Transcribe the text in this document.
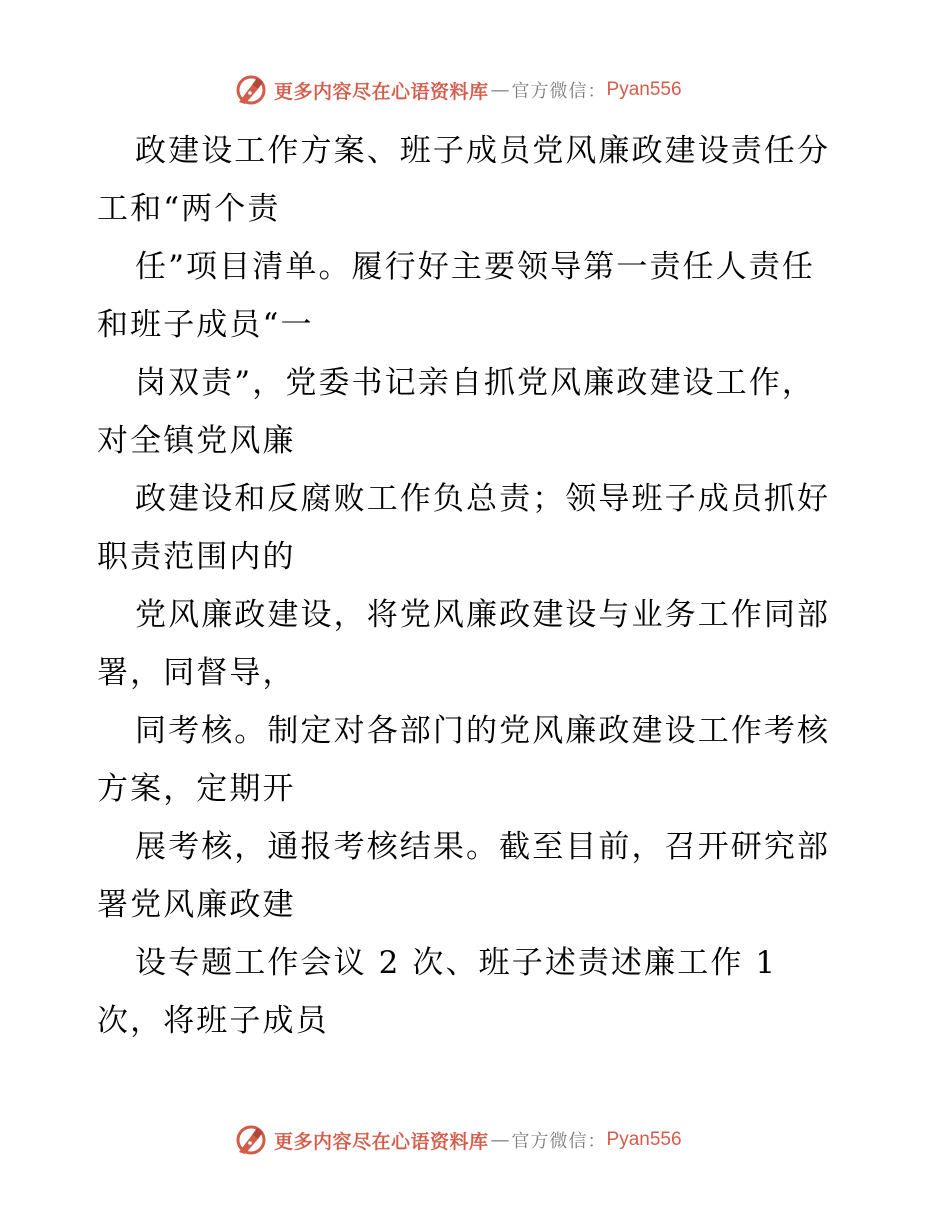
更多内容尽在心语资料库 — 官方微信： Pyan556
政建设工作方案、班子成员党风廉政建设责任分
工和“两个责
任”项目清单。履行好主要领导第一责任人责任
和班子成员“一
岗双责”，党委书记亲自抓党风廉政建设工作，
对全镇党风廉
政建设和反腐败工作负总责；领导班子成员抓好
职责范围内的
党风廉政建设，将党风廉政建设与业务工作同部
署，同督导，
同考核。制定对各部门的党风廉政建设工作考核
方案，定期开
展考核，通报考核结果。截至目前，召开研究部
署党风廉政建
设专题工作会议 2 次、班子述责述廉工作 1
次，将班子成员
更多内容尽在心语资料库 — 官方微信： Pyan556
